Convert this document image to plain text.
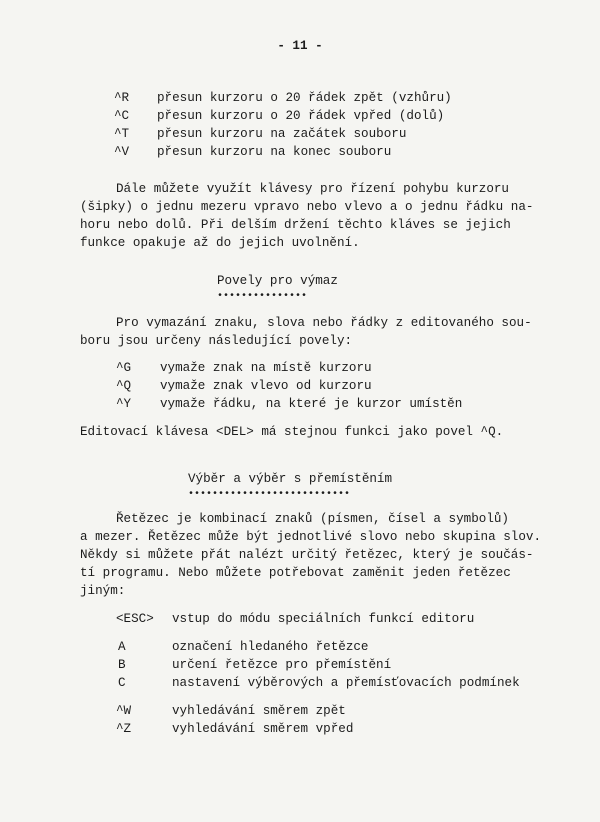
- 11 -
^R přesun kurzoru o 20 řádek zpět (vzhůru)
^C přesun kurzoru o 20 řádek vpřed (dolů)
^T přesun kurzoru na začátek souboru
^V přesun kurzoru na konec souboru
Dále můžete využít klávesy pro řízení pohybu kurzoru
(šipky) o jednu mezeru vpravo nebo vlevo a o jednu řádku na-
horu nebo dolů. Při delším držení těchto kláves se jejich
funkce opakuje až do jejich uvolnění.
Povely pro výmaz
•••••••••••••••
Pro vymazání znaku, slova nebo řádky z editovaného sou-
boru jsou určeny následující povely:
^G vymaže znak na místě kurzoru
^Q vymaže znak vlevo od kurzoru
^Y vymaže řádku, na které je kurzor umístěn
Editovací klávesa <DEL> má stejnou funkci jako povel ^Q.
Výběr a výběr s přemístěním
•••••••••••••••••••••••••••
Řetězec je kombinací znaků (písmen, čísel a symbolů)
a mezer. Řetězec může být jednotlivé slovo nebo skupina slov.
Někdy si můžete přát nalézt určitý řetězec, který je součás-
tí programu. Nebo můžete potřebovat zaměnit jeden řetězec
jiným:
<ESC> vstup do módu speciálních funkcí editoru
A	označení hledaného řetězce
B	určení řetězce pro přemístění
C	nastavení výběrových a přemísťovacích podmínek
^W	vyhledávání směrem zpět
^Z	vyhledávání směrem vpřed
